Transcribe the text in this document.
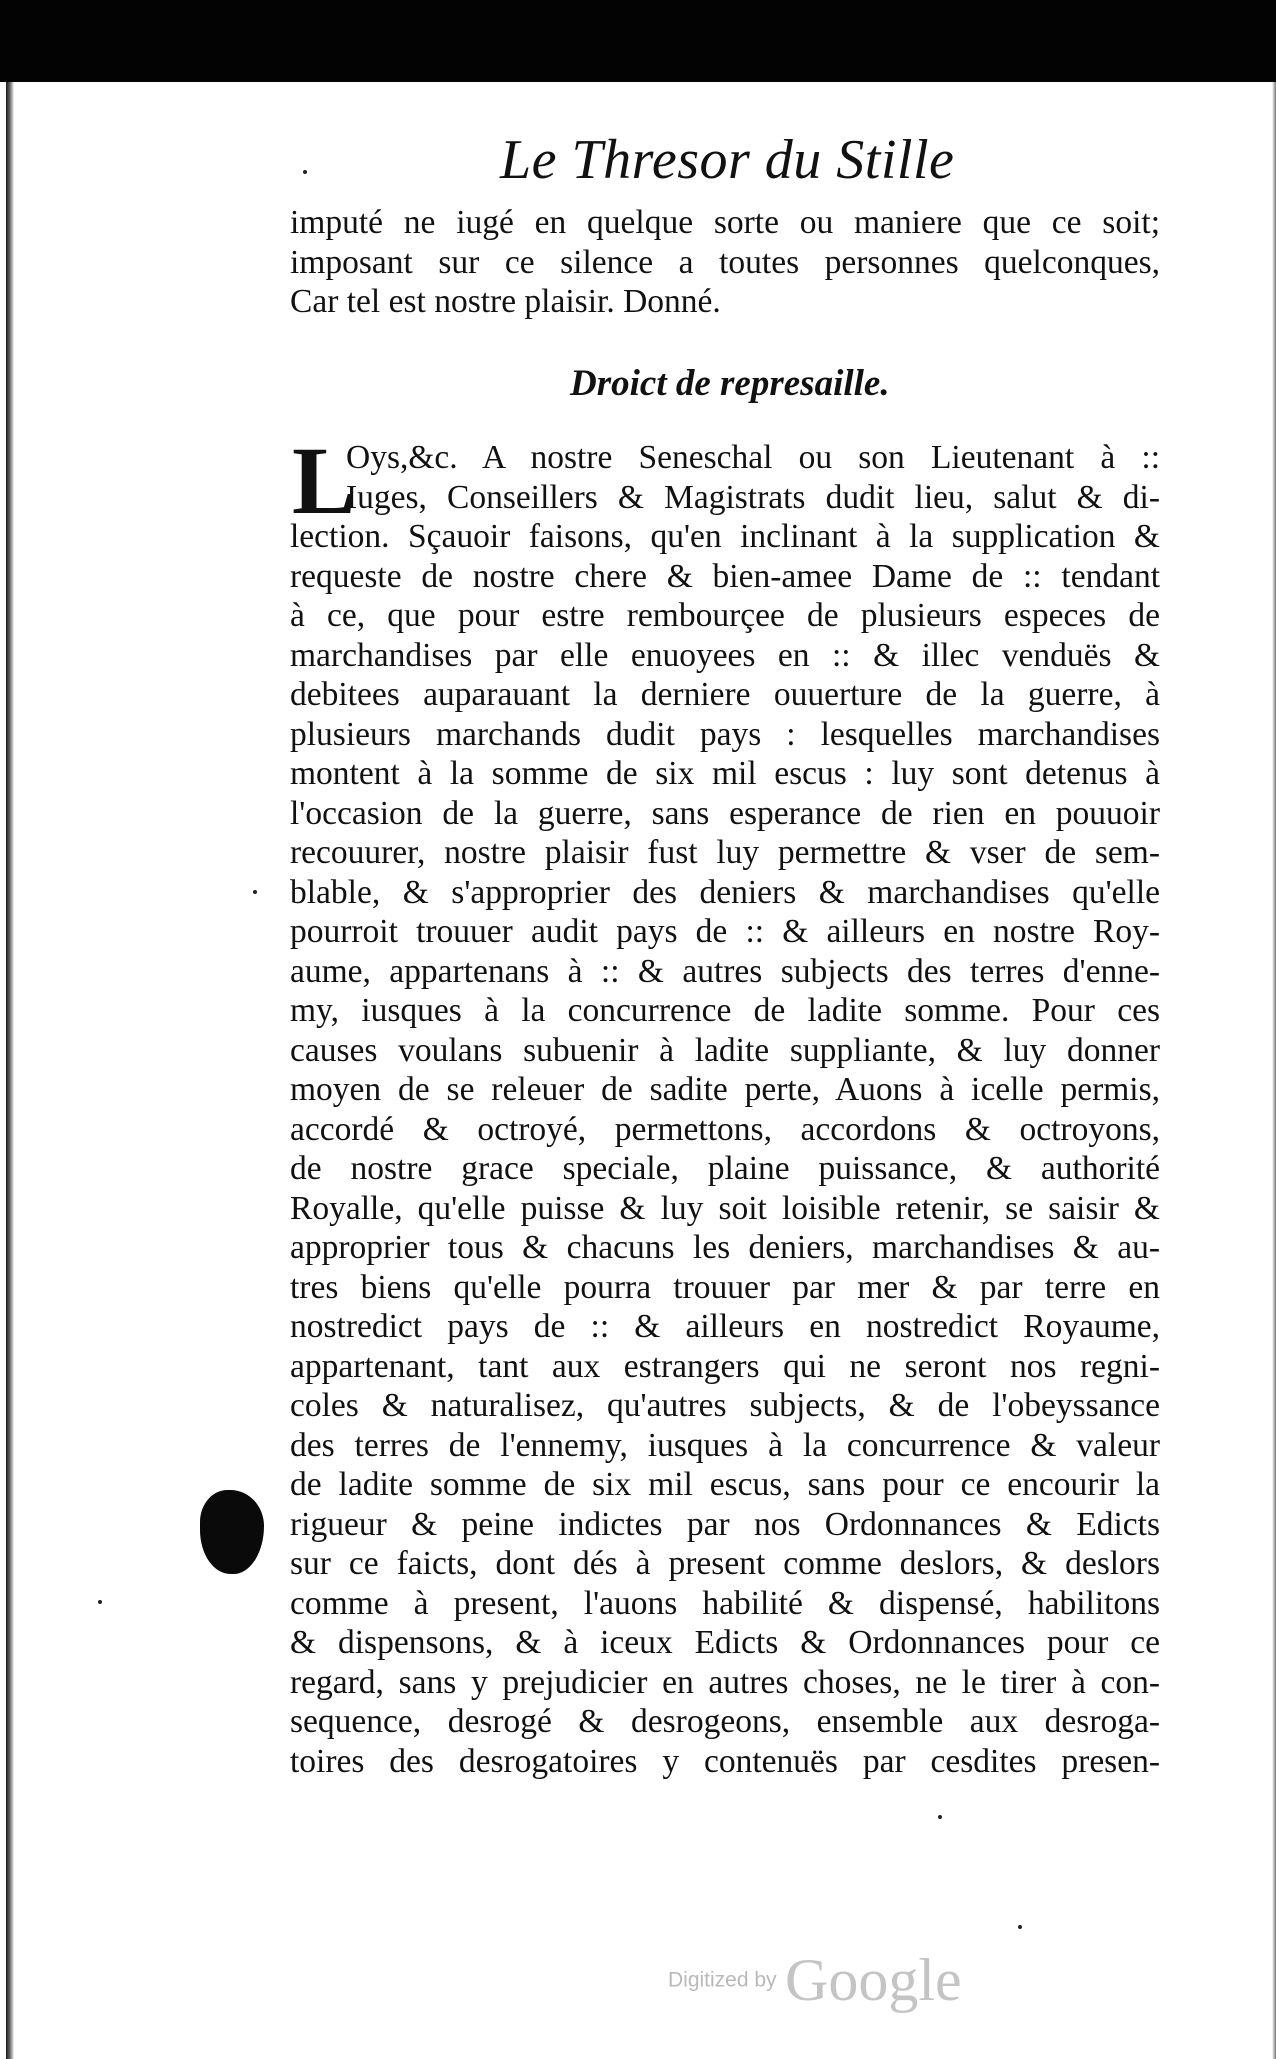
Le Thresor du Stille
imputé ne iugé en quelque sorte ou maniere que ce soit;
imposant sur ce silence a toutes personnes quelconques,
Car tel est nostre plaisir. Donné.
Droict de represaille.
L
Oys,&c. A nostre Seneschal ou son Lieutenant à ::
Iuges, Conseillers & Magistrats dudit lieu, salut & di-
lection. Sçauoir faisons, qu'en inclinant à la supplication &
requeste de nostre chere & bien-amee Dame de :: tendant
à ce, que pour estre rembourçee de plusieurs especes de
marchandises par elle enuoyees en :: & illec venduës &
debitees auparauant la derniere ouuerture de la guerre, à
plusieurs marchands dudit pays : lesquelles marchandises
montent à la somme de six mil escus : luy sont detenus à
l'occasion de la guerre, sans esperance de rien en pouuoir
recouurer, nostre plaisir fust luy permettre & vser de sem-
blable, & s'approprier des deniers & marchandises qu'elle
pourroit trouuer audit pays de :: & ailleurs en nostre Roy-
aume, appartenans à :: & autres subjects des terres d'enne-
my, iusques à la concurrence de ladite somme. Pour ces
causes voulans subuenir à ladite suppliante, & luy donner
moyen de se releuer de sadite perte, Auons à icelle permis,
accordé & octroyé, permettons, accordons & octroyons,
de nostre grace speciale, plaine puissance, & authorité
Royalle, qu'elle puisse & luy soit loisible retenir, se saisir &
approprier tous & chacuns les deniers, marchandises & au-
tres biens qu'elle pourra trouuer par mer & par terre en
nostredict pays de :: & ailleurs en nostredict Royaume,
appartenant, tant aux estrangers qui ne seront nos regni-
coles & naturalisez, qu'autres subjects, & de l'obeyssance
des terres de l'ennemy, iusques à la concurrence & valeur
de ladite somme de six mil escus, sans pour ce encourir la
rigueur & peine indictes par nos Ordonnances & Edicts
sur ce faicts, dont dés à present comme deslors, & deslors
comme à present, l'auons habilité & dispensé, habilitons
& dispensons, & à iceux Edicts & Ordonnances pour ce
regard, sans y prejudicier en autres choses, ne le tirer à con-
sequence, desrogé & desrogeons, ensemble aux desroga-
toires des desrogatoires y contenuës par cesdites presen-
Digitized by Google
